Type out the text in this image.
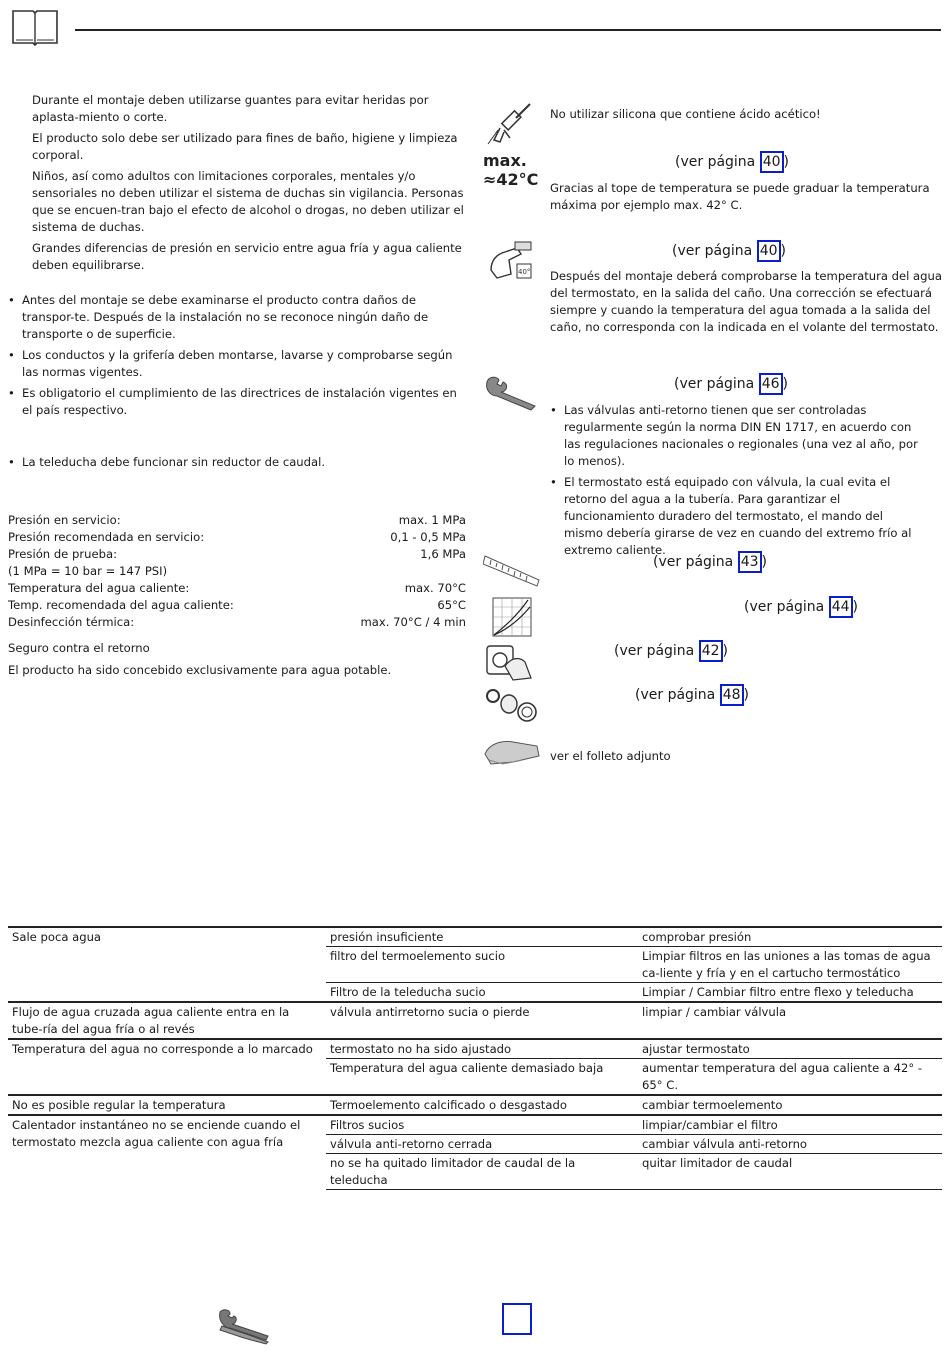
Durante el montaje deben utilizarse guantes para evitar heridas por aplasta-miento o corte.

El producto solo debe ser utilizado para fines de baño, higiene y limpieza corporal.

Niños, así como adultos con limitaciones corporales, mentales y/o sensoriales no deben utilizar el sistema de duchas sin vigilancia. Personas que se encuen-tran bajo el efecto de alcohol o drogas, no deben utilizar el sistema de duchas.

Grandes diferencias de presión en servicio entre agua fría y agua caliente deben equilibrarse.

• Antes del montaje se debe examinarse el producto contra daños de transpor-te. Después de la instalación no se reconoce ningún daño de transporte o de superficie.

• Los conductos y la grifería deben montarse, lavarse y comprobarse según las normas vigentes.

• Es obligatorio el cumplimiento de las directrices de instalación vigentes en el país respectivo.

• La teleducha debe funcionar sin reductor de caudal.

Presión en servicio:	max. 1 MPa
Presión recomendada en servicio:	0,1 - 0,5 MPa
Presión de prueba:	1,6 MPa
(1 MPa = 10 bar = 147 PSI)
Temperatura del agua caliente:	max. 70°C
Temp. recomendada del agua caliente:	65°C
Desinfección térmica:	max. 70°C / 4 min

Seguro contra el retorno

El producto ha sido concebido exclusivamente para agua potable.

No utilizar silicona que contiene ácido acético!

max.
≈42°C
(ver página 40 )

Gracias al tope de temperatura se puede graduar la temperatura máxima por ejemplo max. 42° C.

40°
(ver página 40 )

Después del montaje deberá comprobarse la temperatura del agua del termostato, en la salida del caño. Una corrección se efectuará siempre y cuando la temperatura del agua tomada a la salida del caño, no corresponda con la indicada en el volante del termostato.

(ver página 46 )

• Las válvulas anti-retorno tienen que ser controladas regularmente según la norma DIN EN 1717, en acuerdo con las regulaciones nacionales o regionales (una vez al año, por lo menos).

• El termostato está equipado con válvula, la cual evita el retorno del agua a la tubería. Para garantizar el funcionamiento duradero del termostato, el mando del mismo debería girarse de vez en cuando del extremo frío al extremo caliente.

(ver página 43 )
(ver página 44 )
(ver página 42 )
(ver página 48 )

ver el folleto adjunto

Sale poca agua	presión insuficiente	comprobar presión
	filtro del termoelemento sucio	Limpiar filtros en las uniones a las tomas de agua ca-liente y fría y en el cartucho termostático
	Filtro de la teleducha sucio	Limpiar / Cambiar filtro entre flexo y teleducha
Flujo de agua cruzada agua caliente entra en la tube-ría del agua fría o al revés	válvula antirretorno sucia o pierde	limpiar / cambiar válvula
Temperatura del agua no corresponde a lo marcado	termostato no ha sido ajustado	ajustar termostato
	Temperatura del agua caliente demasiado baja	aumentar temperatura del agua caliente a 42° - 65° C.
No es posible regular la temperatura	Termoelemento calcificado o desgastado	cambiar termoelemento
Calentador instantáneo no se enciende cuando el termostato mezcla agua caliente con agua fría	Filtros sucios	limpiar/cambiar el filtro
	válvula anti-retorno cerrada	cambiar válvula anti-retorno
	no se ha quitado limitador de caudal de la teleducha	quitar limitador de caudal
